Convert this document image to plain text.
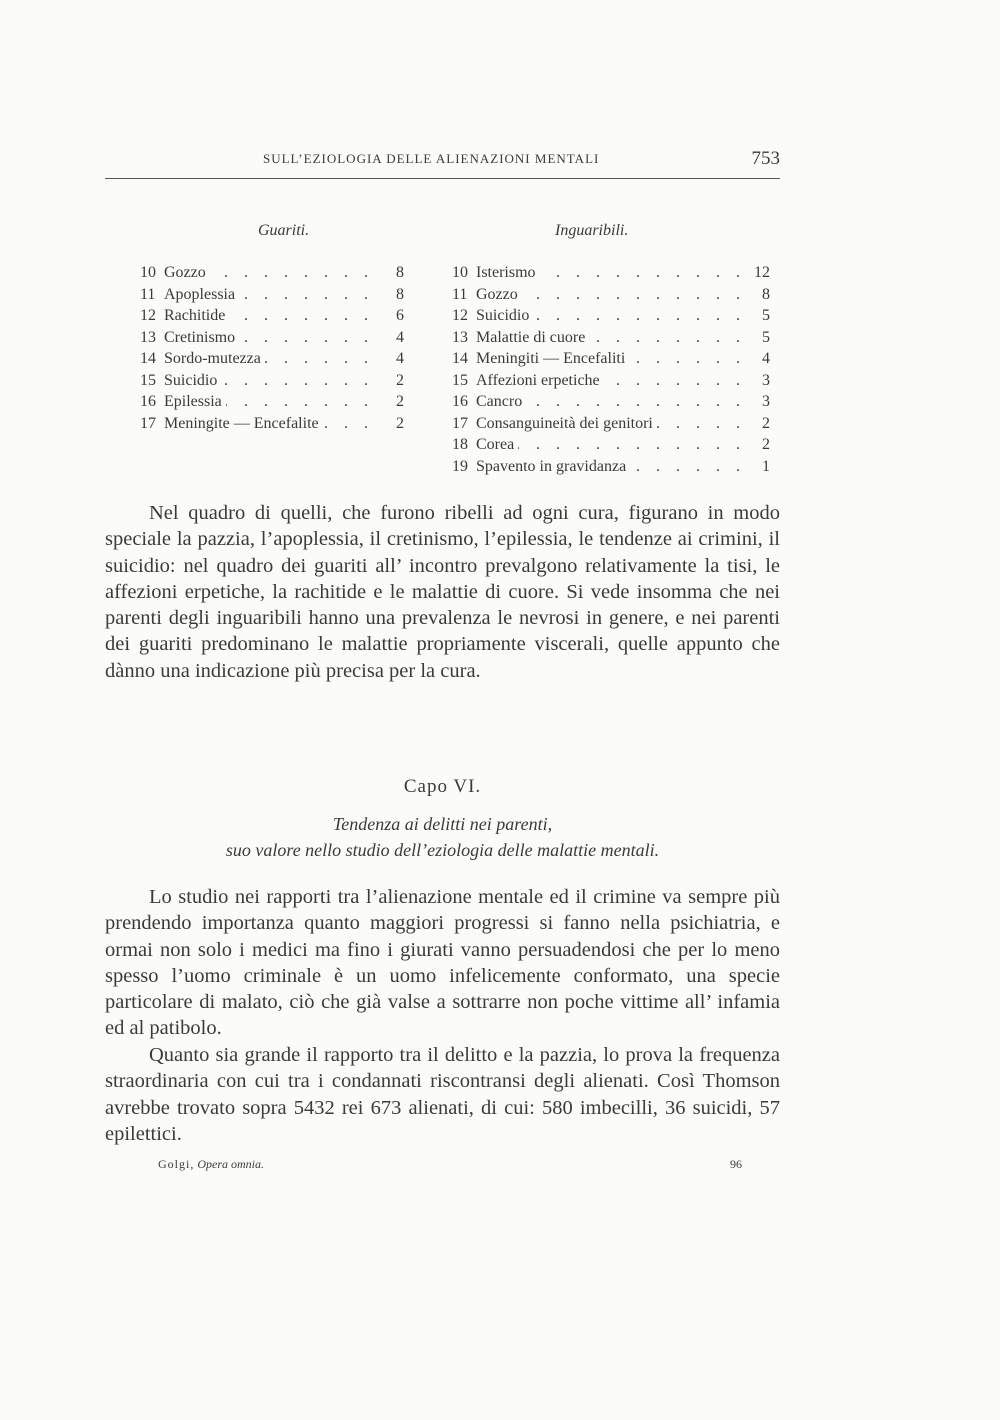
SULL’EZIOLOGIA DELLE ALIENAZIONI MENTALI	753
Guariti.	Inguaribili.
. . .
10 Gozzo	8
. . .
11 Apoplessia	8
. . .
12 Rachitide	6
. . .
13 Cretinismo	4
. . .
14 Sordo-mutezza	4
. . .
15 Suicidio	2
. . .
16 Epilessia	2
. . .
17 Meningite — Encefalite	2
. . .
10 Isterismo	12
. . .
11 Gozzo	8
. . .
12 Suicidio	5
. . .
13 Malattie di cuore	5
. . .
14 Meningiti — Encefaliti	4
. . .
15 Affezioni erpetiche	3
. . .
16 Cancro	3
. . .
17 Consanguineità dei genitori	2
. . .
18 Corea	2
. . .
19 Spavento in gravidanza	1

Nel quadro di quelli, che furono ribelli ad ogni cura, figurano in modo speciale la pazzia, l’apoplessia, il cretinismo, l’epilessia, le tendenze ai crimini, il suicidio: nel quadro dei guariti all’ incontro prevalgono relativamente la tisi, le affezioni erpetiche, la rachitide e le malattie di cuore. Si vede insomma che nei parenti degli inguaribili hanno una prevalenza le nevrosi in genere, e nei parenti dei guariti predominano le malattie propriamente viscerali, quelle appunto che dànno una indicazione più precisa per la cura.

Capo VI.
Tendenza ai delitti nei parenti,
suo valore nello studio dell’eziologia delle malattie mentali.

Lo studio nei rapporti tra l’alienazione mentale ed il crimine va sempre più prendendo importanza quanto maggiori progressi si fanno nella psichiatria, e ormai non solo i medici ma fino i giurati vanno persuadendosi che per lo meno spesso l’uomo criminale è un uomo infelicemente conformato, una specie particolare di malato, ciò che già valse a sottrarre non poche vittime all’ infamia ed al patibolo.

Quanto sia grande il rapporto tra il delitto e la pazzia, lo prova la frequenza straordinaria con cui tra i condannati riscontransi degli alienati. Così Thomson avrebbe trovato sopra 5432 rei 673 alienati, di cui: 580 imbecilli, 36 suicidi, 57 epilettici.

Golgi, Opera omnia.	96
